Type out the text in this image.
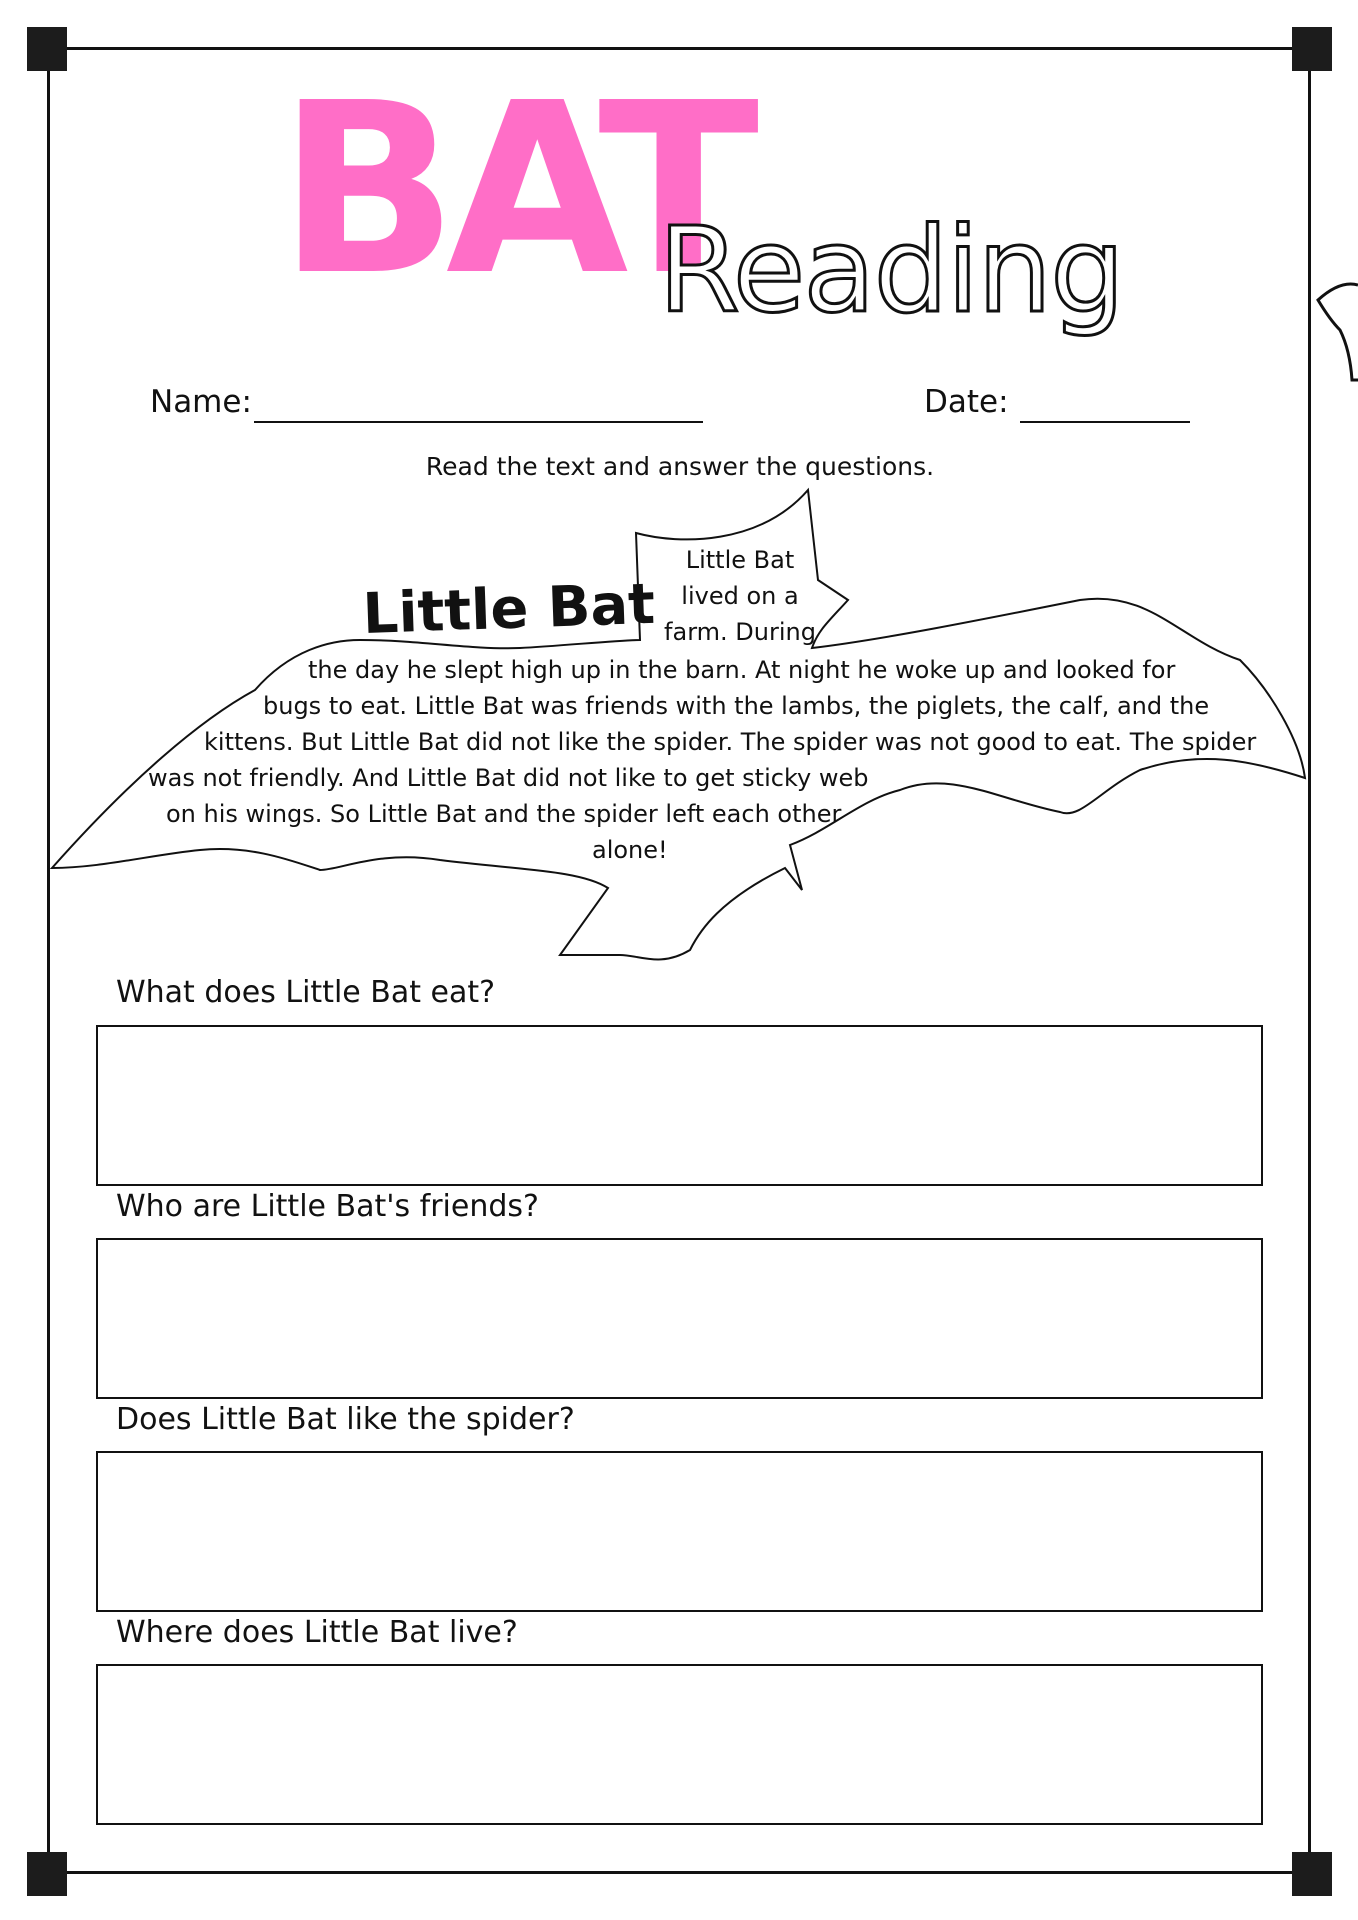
BAT
Reading
Name:	Date:
Read the text and answer the questions.
Little Bat
Little Bat
lived on a
farm. During
the day he slept high up in the barn. At night he woke up and looked for
bugs to eat. Little Bat was friends with the lambs, the piglets, the calf, and the
kittens. But Little Bat did not like the spider. The spider was not good to eat. The spider
was not friendly. And Little Bat did not like to get sticky web
on his wings. So Little Bat and the spider left each other
alone!
What does Little Bat eat?
Who are Little Bat's friends?
Does Little Bat like the spider?
Where does Little Bat live?
